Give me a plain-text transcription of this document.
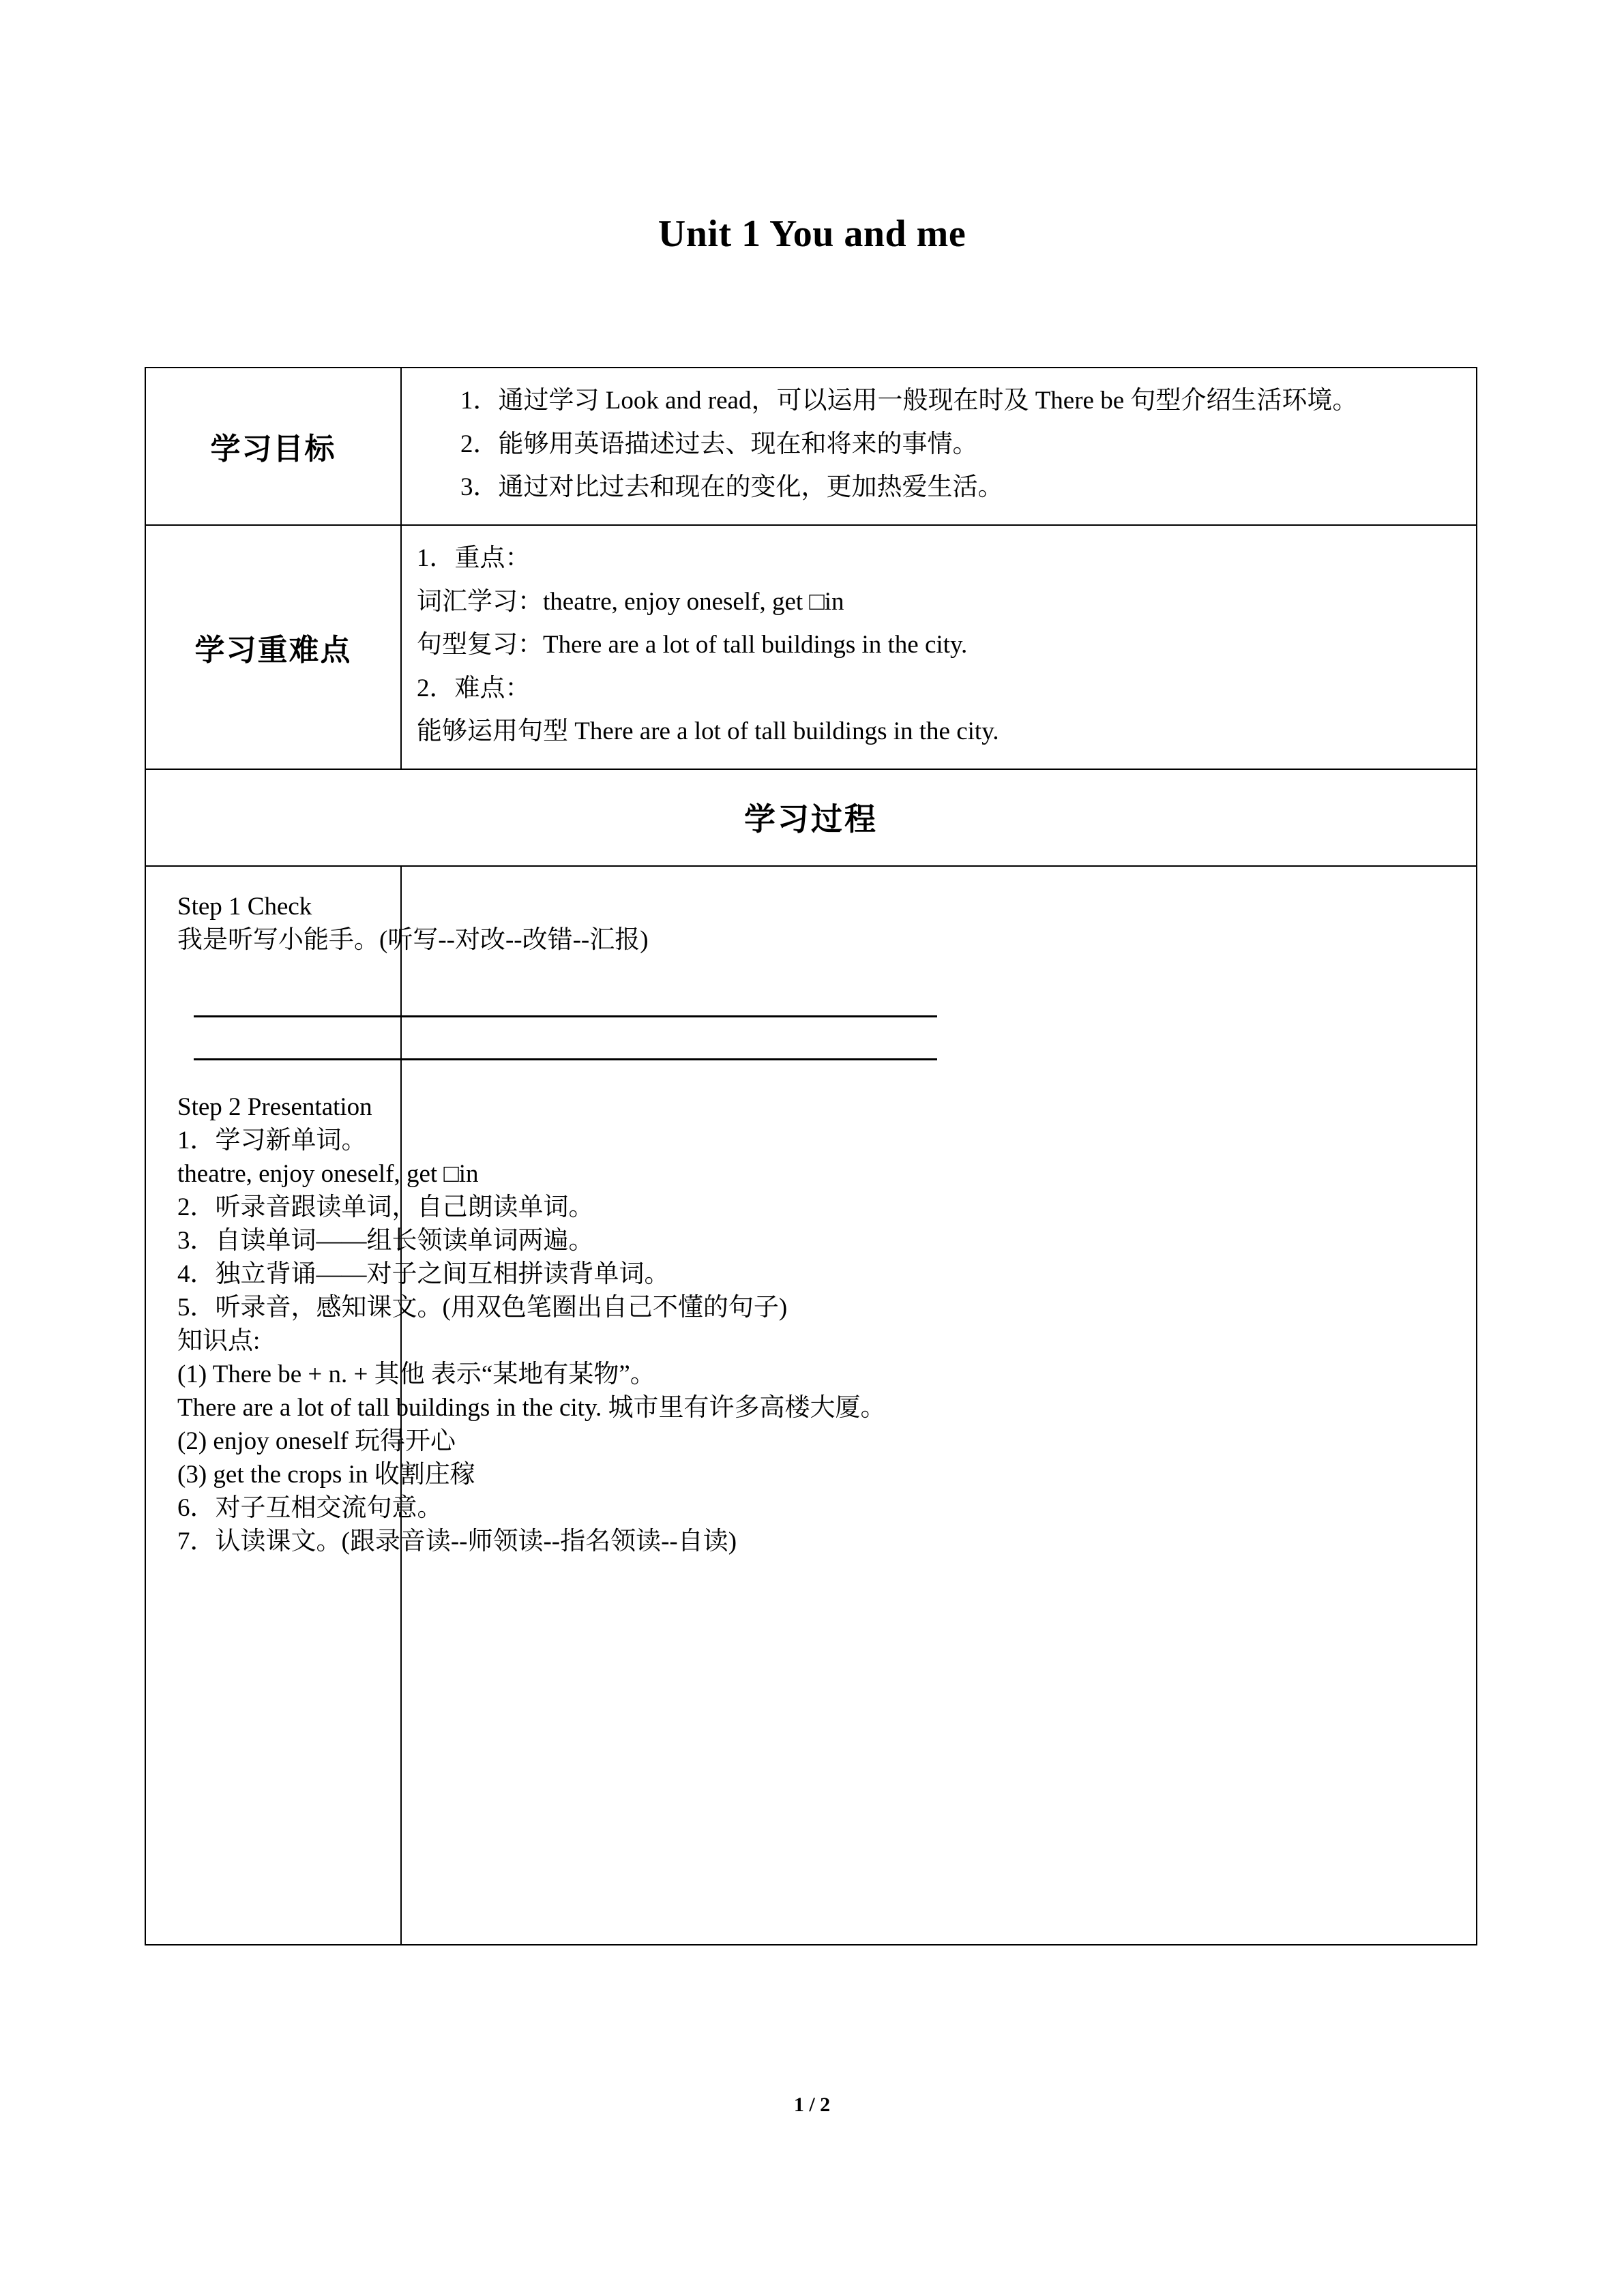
Unit 1 You and me
学习目标	1．通过学习 Look and read，可以运用一般现在时及 There be 句型介绍生活环境。
2．能够用英语描述过去、现在和将来的事情。
3．通过对比过去和现在的变化，更加热爱生活。

学习重难点	1．重点：
词汇学习：theatre, enjoy oneself, get □in
句型复习：There are a lot of tall buildings in the city.
2．难点：
能够运用句型 There are a lot of tall buildings in the city.

学习过程	

Step 1 Check
我是听写小能手。(听写--对改--改错--汇报)
Step 2 Presentation
1．学习新单词。
theatre, enjoy oneself, get □in
2．听录音跟读单词，自己朗读单词。
3．自读单词——组长领读单词两遍。
4．独立背诵——对子之间互相拼读背单词。
5．听录音，感知课文。(用双色笔圈出自己不懂的句子)
知识点:
(1) There be + n. + 其他 表示“某地有某物”。
There are a lot of tall buildings in the city. 城市里有许多高楼大厦。
(2) enjoy oneself 玩得开心
(3) get the crops in 收割庄稼
6．对子互相交流句意。
7．认读课文。(跟录音读--师领读--指名领读--自读)

1 / 2
